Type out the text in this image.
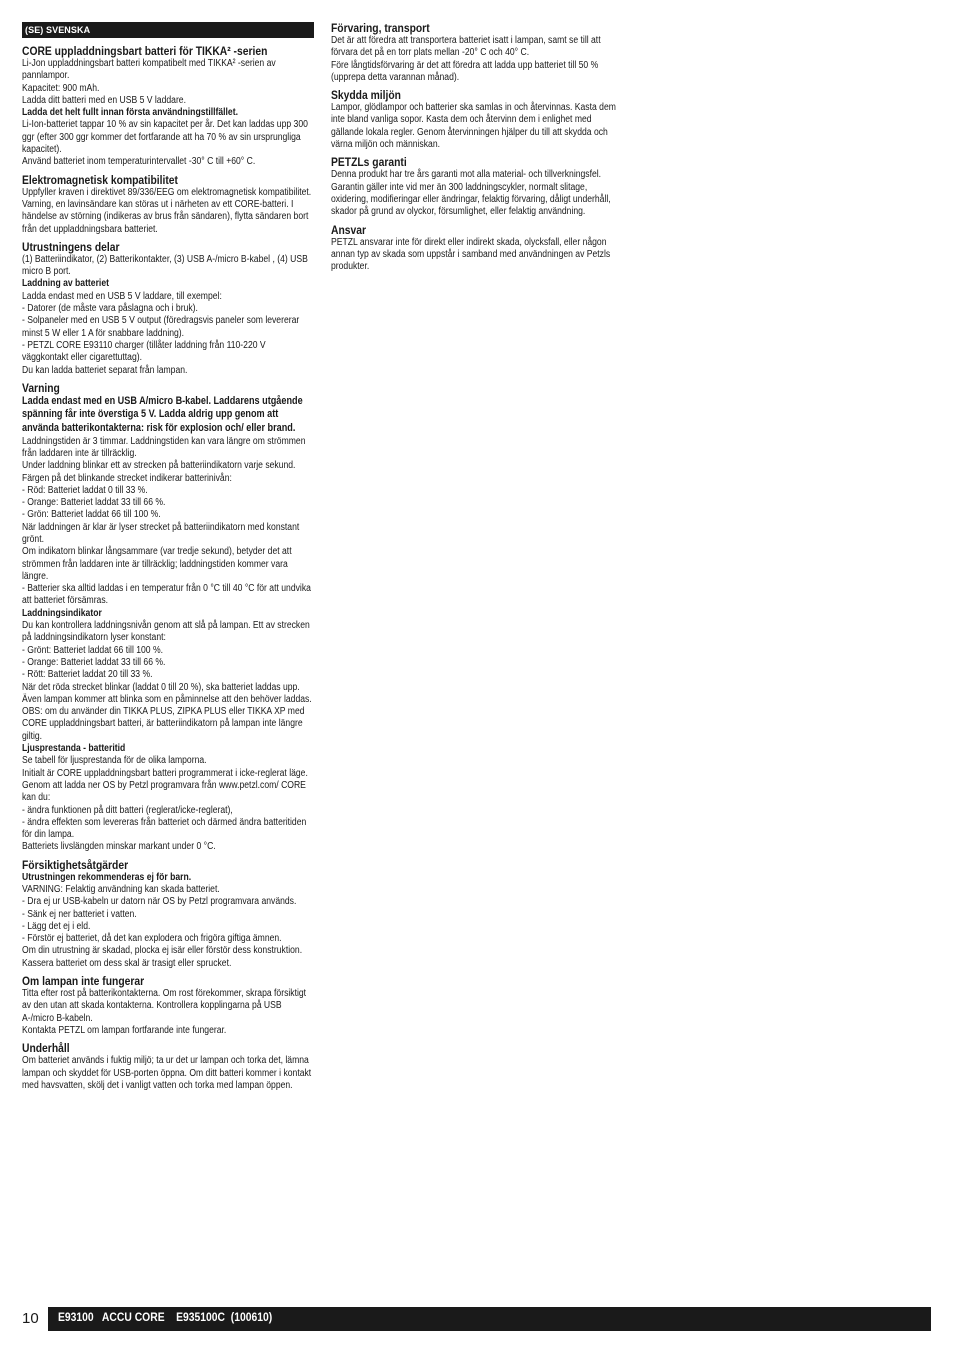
(SE) SVENSKA
CORE uppladdningsbart batteri för TIKKA² -serien
Li-Jon uppladdningsbart batteri kompatibelt med TIKKA² -serien av pannlampor.
Kapacitet: 900 mAh.
Ladda ditt batteri med en USB 5 V laddare.
Ladda det helt fullt innan första användningstillfället.
Li-Ion-batteriet tappar 10 % av sin kapacitet per år. Det kan laddas upp 300 ggr (efter 300 ggr kommer det fortfarande att ha 70 % av sin ursprungliga kapacitet).
Använd batteriet inom temperaturintervallet -30° C till +60° C.
Elektromagnetisk kompatibilitet
Uppfyller kraven i direktivet 89/336/EEG om elektromagnetisk kompatibilitet.
Varning, en lavinsändare kan störas ut i närheten av ett CORE-batteri. I händelse av störning (indikeras av brus från sändaren), flytta sändaren bort från det uppladdningsbara batteriet.
Utrustningens delar
(1) Batteriindikator, (2) Batterikontakter, (3) USB A-/micro B-kabel , (4) USB micro B port.
Laddning av batteriet
Ladda endast med en USB 5 V laddare, till exempel:
- Datorer (de måste vara påslagna och i bruk).
- Solpaneler med en USB 5 V output (föredragsvis paneler som levererar minst 5 W eller 1 A för snabbare laddning).
- PETZL CORE E93110 charger (tillåter laddning från 110-220 V väggkontakt eller cigarettuttag).
Du kan ladda batteriet separat från lampan.
Varning
Ladda endast med en USB A/micro B-kabel. Laddarens utgående spänning får inte överstiga 5 V. Ladda aldrig upp genom att använda batterikontakterna: risk för explosion och/ eller brand.
Laddningstiden är 3 timmar. Laddningstiden kan vara längre om strömmen från laddaren inte är tillräcklig.
Under laddning blinkar ett av strecken på batteriindikatorn varje sekund. Färgen på det blinkande strecket indikerar batterinivån:
- Röd: Batteriet laddat 0 till 33 %.
- Orange: Batteriet laddat 33 till 66 %.
- Grön: Batteriet laddat 66 till 100 %.
När laddningen är klar är lyser strecket på batteriindikatorn med konstant grönt.
Om indikatorn blinkar långsammare (var tredje sekund), betyder det att strömmen från laddaren inte är tillräcklig; laddningstiden kommer vara längre.
- Batterier ska alltid laddas i en temperatur från 0 °C till 40 °C för att undvika att batteriet försämras.
Laddningsindikator
Du kan kontrollera laddningsnivån genom att slå på lampan. Ett av strecken på laddningsindikatorn lyser konstant:
- Grönt: Batteriet laddat 66 till 100 %.
- Orange: Batteriet laddat 33 till 66 %.
- Rött: Batteriet laddat 20 till 33 %.
När det röda strecket blinkar (laddat 0 till 20 %), ska batteriet laddas upp. Även lampan kommer att blinka som en påminnelse att den behöver laddas.
OBS: om du använder din TIKKA PLUS, ZIPKA PLUS eller TIKKA XP med CORE uppladdningsbart batteri, är batteriindikatorn på lampan inte längre giltig.
Ljusprestanda - batteritid
Se tabell för ljusprestanda för de olika lamporna.
Initialt är CORE uppladdningsbart batteri programmerat i icke-reglerat läge.
Genom att ladda ner OS by Petzl programvara från www.petzl.com/ CORE kan du:
- ändra funktionen på ditt batteri (reglerat/icke-reglerat),
- ändra effekten som levereras från batteriet och därmed ändra batteritiden för din lampa.
Batteriets livslängden minskar markant under 0 °C.
Försiktighetsåtgärder
Utrustningen rekommenderas ej för barn.
VARNING: Felaktig användning kan skada batteriet.
- Dra ej ur USB-kabeln ur datorn när OS by Petzl programvara används.
- Sänk ej ner batteriet i vatten.
- Lägg det ej i eld.
- Förstör ej batteriet, då det kan explodera och frigöra giftiga ämnen.
Om din utrustning är skadad, plocka ej isär eller förstör dess konstruktion.
Kassera batteriet om dess skal är trasigt eller sprucket.
Om lampan inte fungerar
Titta efter rost på batterikontakterna. Om rost förekommer, skrapa försiktigt av den utan att skada kontakterna. Kontrollera kopplingarna på USB A-/micro B-kabeln.
Kontakta PETZL om lampan fortfarande inte fungerar.
Underhåll
Om batteriet används i fuktig miljö; ta ur det ur lampan och torka det, lämna lampan och skyddet för USB-porten öppna. Om ditt batteri kommer i kontakt med havsvatten, skölj det i vanligt vatten och torka med lampan öppen.
Förvaring, transport
Det är att föredra att transportera batteriet isatt i lampan, samt se till att förvara det på en torr plats mellan -20° C och 40° C.
Före långtidsförvaring är det att föredra att ladda upp batteriet till 50 % (upprepa detta varannan månad).
Skydda miljön
Lampor, glödlampor och batterier ska samlas in och återvinnas. Kasta dem inte bland vanliga sopor. Kasta dem och återvinn dem i enlighet med gällande lokala regler. Genom återvinningen hjälper du till att skydda och värna miljön och människan.
PETZLs garanti
Denna produkt har tre års garanti mot alla material- och tillverkningsfel. Garantin gäller inte vid mer än 300 laddningscykler, normalt slitage, oxidering, modifieringar eller ändringar, felaktig förvaring, dåligt underhåll, skador på grund av olyckor, försumlighet, eller felaktig användning.
Ansvar
PETZL ansvarar inte för direkt eller indirekt skada, olycksfall, eller någon annan typ av skada som uppstår i samband med användningen av Petzls produkter.
10 E93100   ACCU CORE    E935100C  (100610)
